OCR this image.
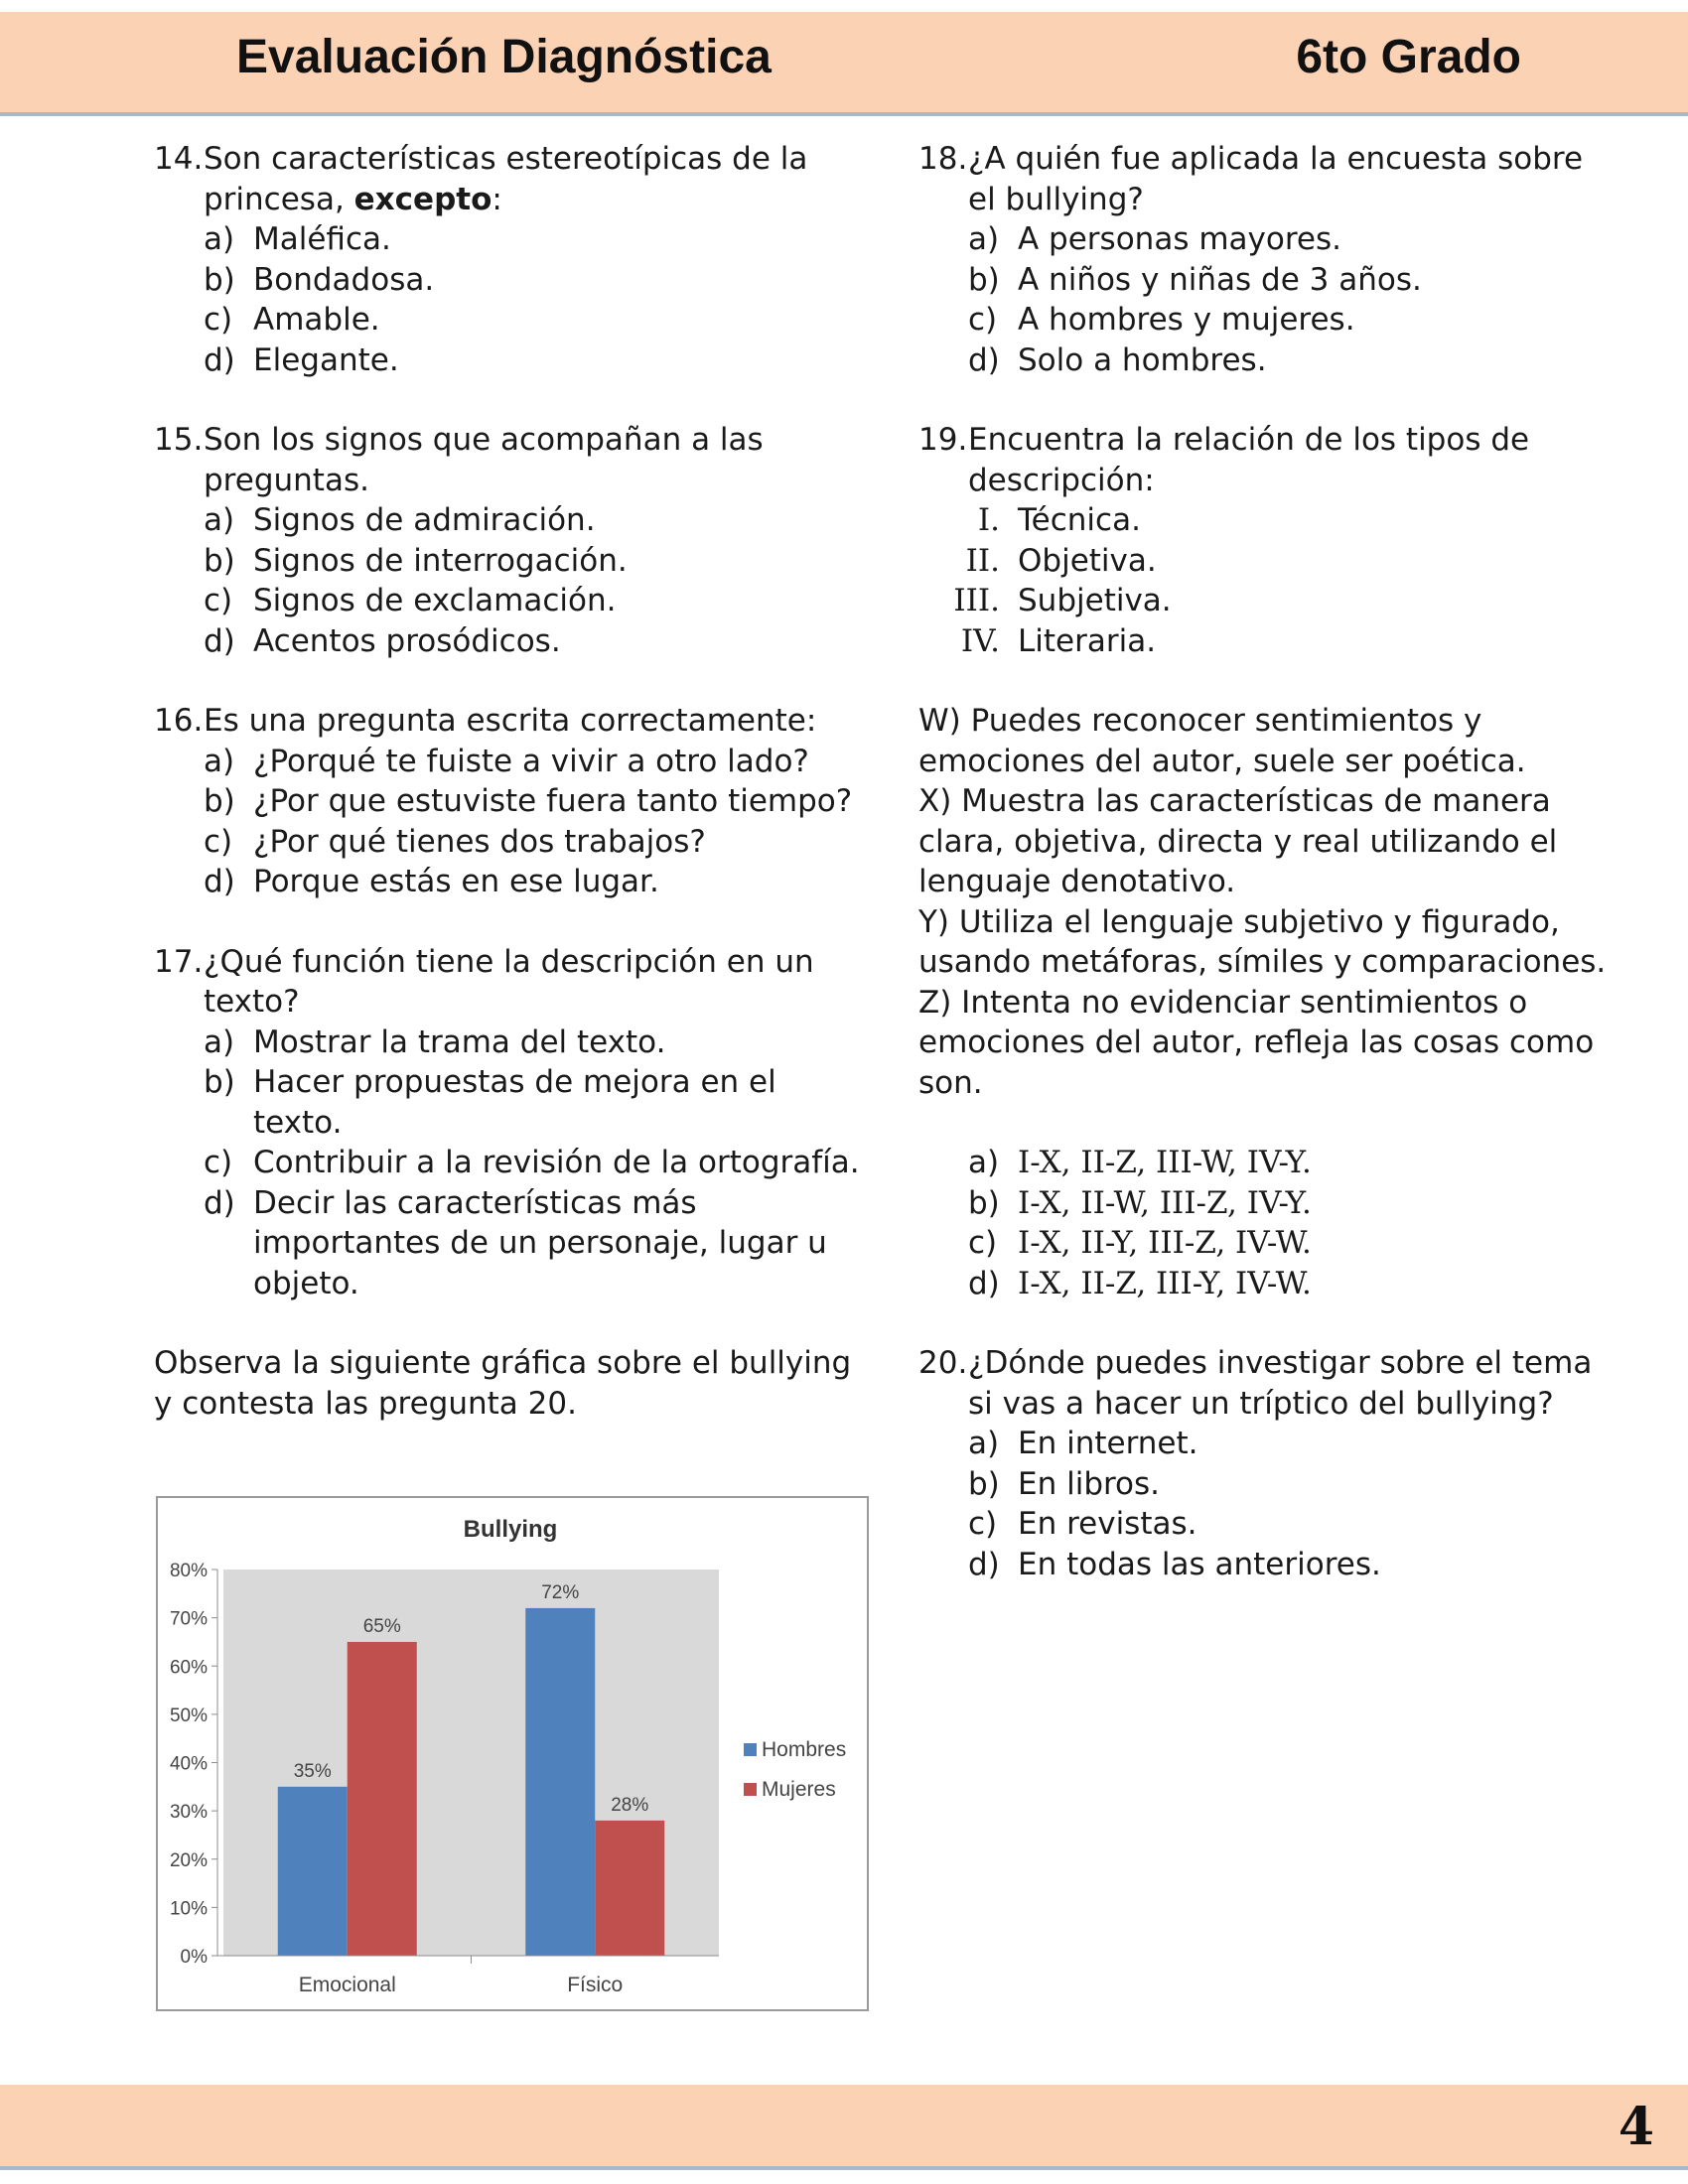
Evaluación Diagnóstica	6to Grado
14. Son características estereotípicas de la princesa, excepto:
a) Maléfica.
b) Bondadosa.
c) Amable.
d) Elegante.
15. Son los signos que acompañan a las preguntas.
a) Signos de admiración.
b) Signos de interrogación.
c) Signos de exclamación.
d) Acentos prosódicos.
16. Es una pregunta escrita correctamente:
a) ¿Porqué te fuiste a vivir a otro lado?
b) ¿Por que estuviste fuera tanto tiempo?
c) ¿Por qué tienes dos trabajos?
d) Porque estás en ese lugar.
17. ¿Qué función tiene la descripción en un texto?
a) Mostrar la trama del texto.
b) Hacer propuestas de mejora en el texto.
c) Contribuir a la revisión de la ortografía.
d) Decir las características más importantes de un personaje, lugar u objeto.

Observa la siguiente gráfica sobre el bullying y contesta las pregunta 20.

Bullying
0%
10%
20%
30%
40%
50%
60%
70%
80%
35%
65%
72%
28%
Emocional	Físico
Hombres
Mujeres
18. ¿A quién fue aplicada la encuesta sobre el bullying?
a) A personas mayores.
b) A niños y niñas de 3 años.
c) A hombres y mujeres.
d) Solo a hombres.
19. Encuentra la relación de los tipos de descripción:
I. Técnica.
II. Objetiva.
III. Subjetiva.
IV. Literaria.

W) Puedes reconocer sentimientos y emociones del autor, suele ser poética.

X) Muestra las características de manera clara, objetiva, directa y real utilizando el lenguaje denotativo.

Y) Utiliza el lenguaje subjetivo y figurado, usando metáforas, símiles y comparaciones.

Z) Intenta no evidenciar sentimientos o emociones del autor, refleja las cosas como son.

a) I-X, II-Z, III-W, IV-Y.
b) I-X, II-W, III-Z, IV-Y.
c) I-X, II-Y, III-Z, IV-W.
d) I-X, II-Z, III-Y, IV-W.
20. ¿Dónde puedes investigar sobre el tema si vas a hacer un tríptico del bullying?
a) En internet.
b) En libros.
c) En revistas.
d) En todas las anteriores.
4
